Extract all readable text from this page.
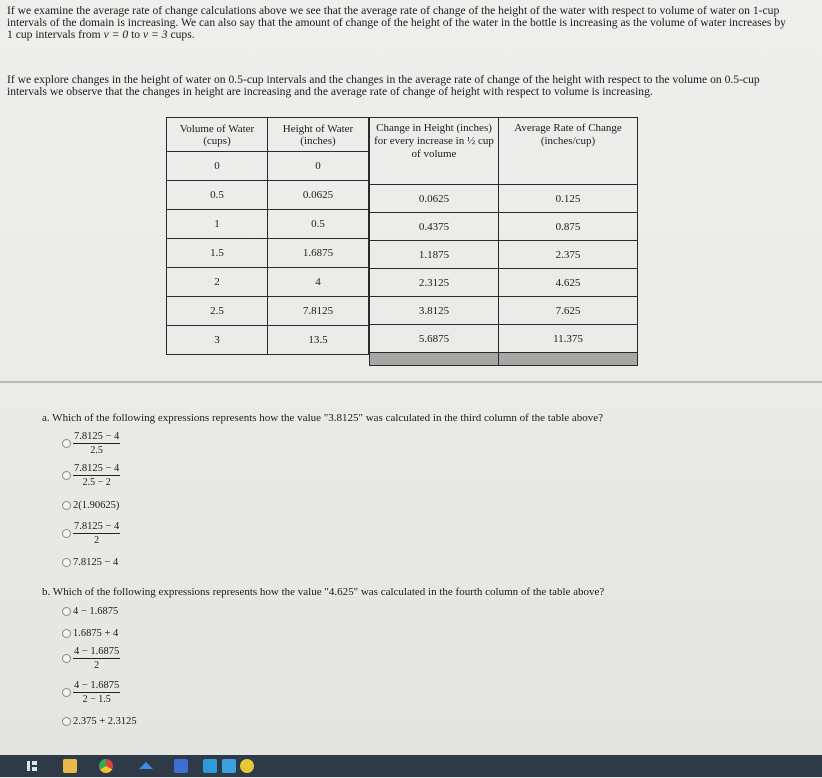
If we examine the average rate of change calculations above we see that the average rate of change of the height of the water with respect to volume of water on 1-cup
intervals of the domain is increasing. We can also say that the amount of change of the height of the water in the bottle is increasing as the volume of water increases by
1 cup intervals from v = 0 to v = 3 cups.

If we explore changes in the height of water on 0.5-cup intervals and the changes in the average rate of change of the height with respect to the volume on 0.5-cup
intervals we observe that the changes in height are increasing and the average rate of change of height with respect to volume is increasing.

Volume of Water (cups)	Height of Water (inches)
0	0
0.5	0.0625
1	0.5
1.5	1.6875
2	4
2.5	7.8125
3	13.5
Change in Height (inches) for every increase in ½ cup of volume	Average Rate of Change (inches/cup)
0.0625	0.125
0.4375	0.875
1.1875	2.375
2.3125	4.625
3.8125	7.625
5.6875	11.375

a. Which of the following expressions represents how the value "3.8125" was calculated in the third column of the table above?

$\frac{7.8125 - 4}{2.5}$
$\frac{7.8125 - 4}{2.5 - 2}$
2(1.90625)
$\frac{7.8125 - 4}{2}$
7.8125 − 4

b. Which of the following expressions represents how the value "4.625" was calculated in the fourth column of the table above?

4 − 1.6875
1.6875 + 4
$\frac{4 - 1.6875}{2}$
$\frac{4 - 1.6875}{2 - 1.5}$
2.375 + 2.3125
